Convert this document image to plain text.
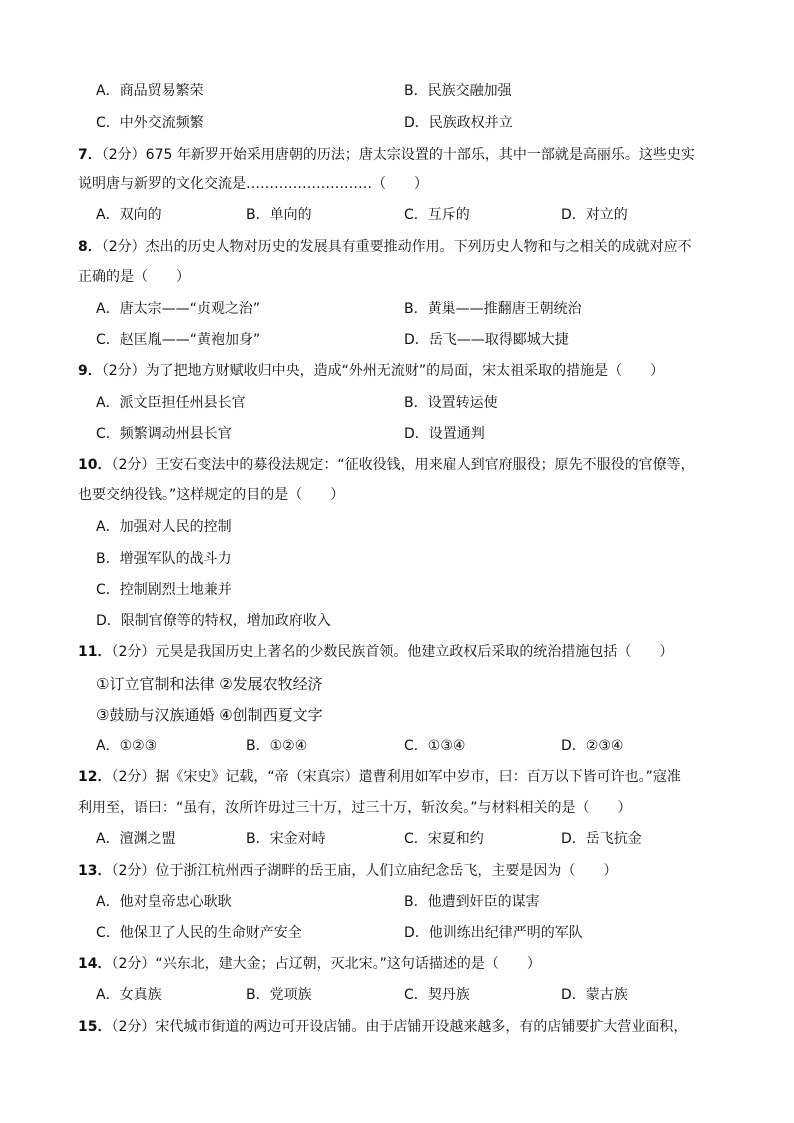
A．商品贸易繁荣	B．民族交融加强
C．中外交流频繁	D．民族政权并立
7．（2分）675 年新罗开始采用唐朝的历法；唐太宗设置的十部乐，其中一部就是高丽乐。这些史实
说明唐与新罗的文化交流是………………………（　　）
A．双向的	B．单向的	C．互斥的	D．对立的
8．（2分）杰出的历史人物对历史的发展具有重要推动作用。下列历史人物和与之相关的成就对应不
正确的是（　　）
A．唐太宗——“贞观之治”	B．黄巢——推翻唐王朝统治
C．赵匡胤——“黄袍加身”	D．岳飞——取得郾城大捷
9．（2分）为了把地方财赋收归中央，造成“外州无流财”的局面，宋太祖采取的措施是（　　）
A．派文臣担任州县长官	B．设置转运使
C．频繁调动州县长官	D．设置通判
10．（2分）王安石变法中的募役法规定：“征收役钱，用来雇人到官府服役；原先不服役的官僚等，
也要交纳役钱。”这样规定的目的是（　　）
A．加强对人民的控制
B．增强军队的战斗力
C．控制剧烈土地兼并
D．限制官僚等的特权，增加政府收入
11．（2分）元昊是我国历史上著名的少数民族首领。他建立政权后采取的统治措施包括（　　）
①订立官制和法律 ②发展农牧经济
③鼓励与汉族通婚 ④创制西夏文字
A．①②③	B．①②④	C．①③④	D．②③④
12．（2分）据《宋史》记载，“帝（宋真宗）遣曹利用如军中岁市，曰：百万以下皆可许也。”寇准
利用至，语曰：“虽有，汝所许毋过三十万，过三十万，斩汝矣。”与材料相关的是（　　）
A．澶渊之盟	B．宋金对峙	C．宋夏和约	D．岳飞抗金
13．（2分）位于浙江杭州西子湖畔的岳王庙，人们立庙纪念岳飞，主要是因为（　　）
A．他对皇帝忠心耿耿	B．他遭到奸臣的谋害
C．他保卫了人民的生命财产安全	D．他训练出纪律严明的军队
14．（2分）“兴东北，建大金；占辽朝，灭北宋。”这句话描述的是（　　）
A．女真族	B．党项族	C．契丹族	D．蒙古族
15．（2分）宋代城市街道的两边可开设店铺。由于店铺开设越来越多，有的店铺要扩大营业面积，
